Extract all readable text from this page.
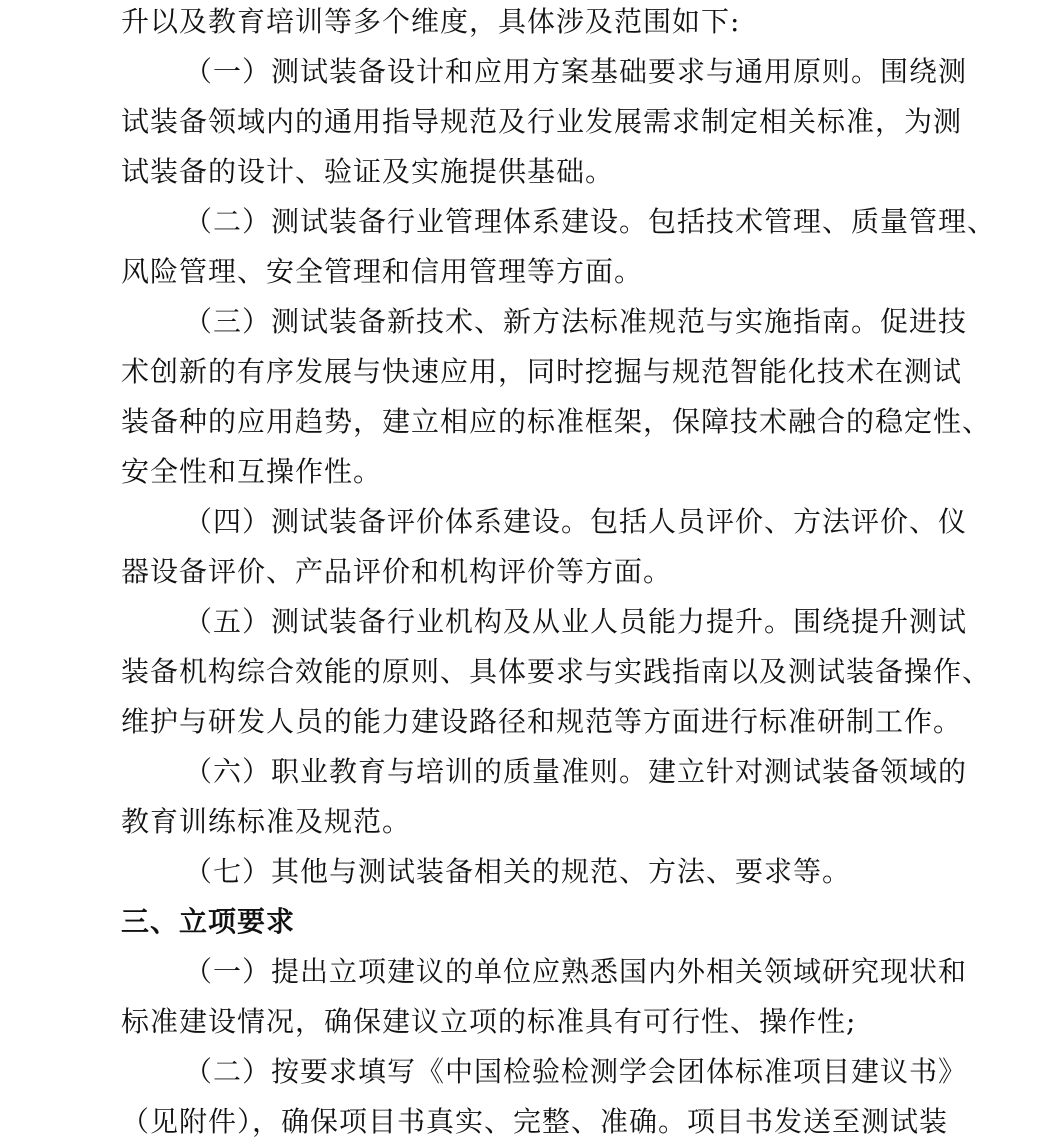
升以及教育培训等多个维度，具体涉及范围如下:
（一）测试装备设计和应用方案基础要求与通用原则。围绕测
试装备领域内的通用指导规范及行业发展需求制定相关标准，为测
试装备的设计、验证及实施提供基础。
（二）测试装备行业管理体系建设。包括技术管理、质量管理、
风险管理、安全管理和信用管理等方面。
（三）测试装备新技术、新方法标准规范与实施指南。促进技
术创新的有序发展与快速应用，同时挖掘与规范智能化技术在测试
装备种的应用趋势，建立相应的标准框架，保障技术融合的稳定性、
安全性和互操作性。
（四）测试装备评价体系建设。包括人员评价、方法评价、仪
器设备评价、产品评价和机构评价等方面。
（五）测试装备行业机构及从业人员能力提升。围绕提升测试
装备机构综合效能的原则、具体要求与实践指南以及测试装备操作、
维护与研发人员的能力建设路径和规范等方面进行标准研制工作。
（六）职业教育与培训的质量准则。建立针对测试装备领域的
教育训练标准及规范。
（七）其他与测试装备相关的规范、方法、要求等。
三、立项要求
（一）提出立项建议的单位应熟悉国内外相关领域研究现状和
标准建设情况，确保建议立项的标准具有可行性、操作性;
（二）按要求填写《中国检验检测学会团体标准项目建议书》
（见附件），确保项目书真实、完整、准确。项目书发送至测试装
